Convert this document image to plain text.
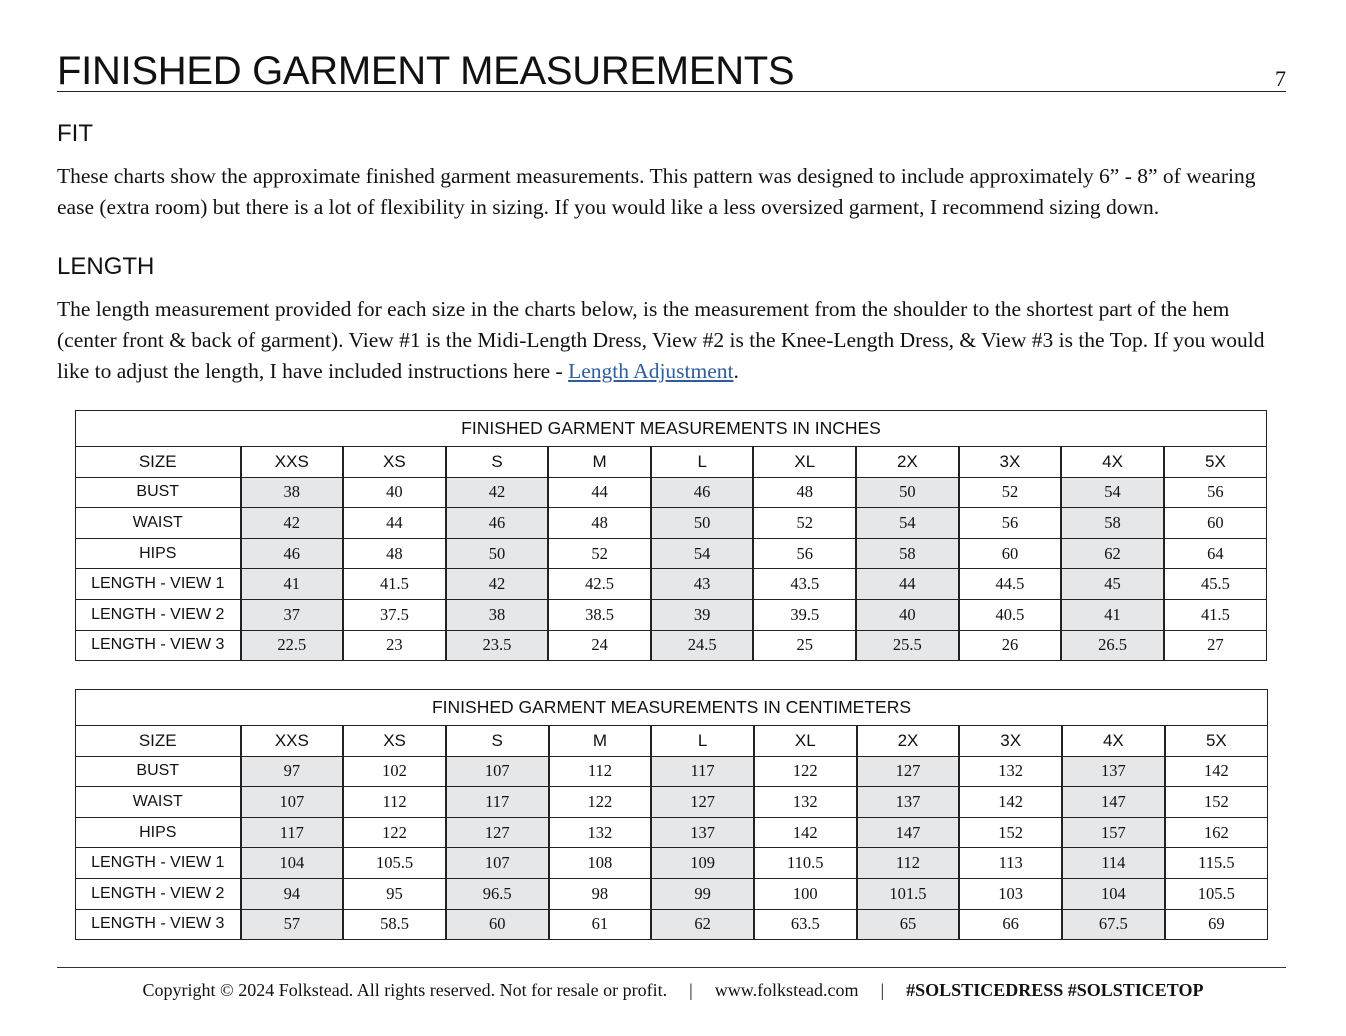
FINISHED GARMENT MEASUREMENTS	7
FIT

These charts show the approximate finished garment measurements. This pattern was designed to include approximately 6” - 8” of wearing ease (extra room) but there is a lot of flexibility in sizing. If you would like a less oversized garment, I recommend sizing down.

LENGTH

The length measurement provided for each size in the charts below, is the measurement from the shoulder to the shortest part of the hem (center front & back of garment). View #1 is the Midi-Length Dress, View #2 is the Knee-Length Dress, & View #3 is the Top. If you would like to adjust the length, I have included instructions here - Length Adjustment.

FINISHED GARMENT MEASUREMENTS IN INCHES										
SIZE	XXS	XS	S	M	L	XL	2X	3X	4X	5X
BUST	38	40	42	44	46	48	50	52	54	56
WAIST	42	44	46	48	50	52	54	56	58	60
HIPS	46	48	50	52	54	56	58	60	62	64
LENGTH - VIEW 1	41	41.5	42	42.5	43	43.5	44	44.5	45	45.5
LENGTH - VIEW 2	37	37.5	38	38.5	39	39.5	40	40.5	41	41.5
LENGTH - VIEW 3	22.5	23	23.5	24	24.5	25	25.5	26	26.5	27
FINISHED GARMENT MEASUREMENTS IN CENTIMETERS										
SIZE	XXS	XS	S	M	L	XL	2X	3X	4X	5X
BUST	97	102	107	112	117	122	127	132	137	142
WAIST	107	112	117	122	127	132	137	142	147	152
HIPS	117	122	127	132	137	142	147	152	157	162
LENGTH - VIEW 1	104	105.5	107	108	109	110.5	112	113	114	115.5
LENGTH - VIEW 2	94	95	96.5	98	99	100	101.5	103	104	105.5
LENGTH - VIEW 3	57	58.5	60	61	62	63.5	65	66	67.5	69
Copyright © 2024 Folkstead. All rights reserved. Not for resale or profit. | www.folkstead.com | #SOLSTICEDRESS #SOLSTICETOP
